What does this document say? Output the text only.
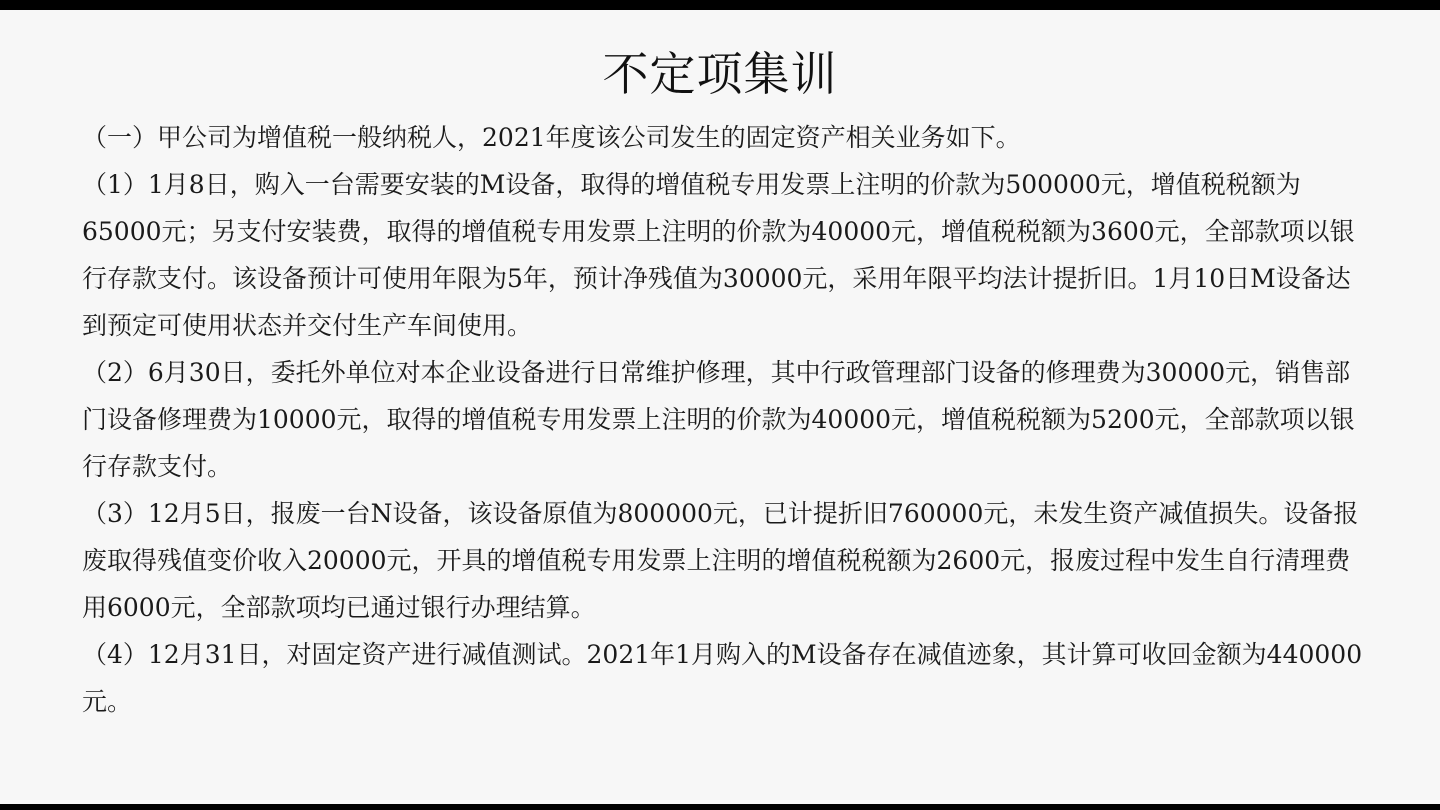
不定项集训

（一）甲公司为增值税一般纳税人，2021年度该公司发生的固定资产相关业务如下。

（1）1月8日，购入一台需要安装的M设备，取得的增值税专用发票上注明的价款为500000元，增值税税额为65000元；另支付安装费，取得的增值税专用发票上注明的价款为40000元，增值税税额为3600元，全部款项以银行存款支付。该设备预计可使用年限为5年，预计净残值为30000元，采用年限平均法计提折旧。1月10日M设备达到预定可使用状态并交付生产车间使用。

（2）6月30日，委托外单位对本企业设备进行日常维护修理，其中行政管理部门设备的修理费为30000元，销售部门设备修理费为10000元，取得的增值税专用发票上注明的价款为40000元，增值税税额为5200元，全部款项以银行存款支付。

（3）12月5日，报废一台N设备，该设备原值为800000元，已计提折旧760000元，未发生资产减值损失。设备报废取得残值变价收入20000元，开具的增值税专用发票上注明的增值税税额为2600元，报废过程中发生自行清理费用6000元，全部款项均已通过银行办理结算。

（4）12月31日，对固定资产进行减值测试。2021年1月购入的M设备存在减值迹象，其计算可收回金额为440000元。
